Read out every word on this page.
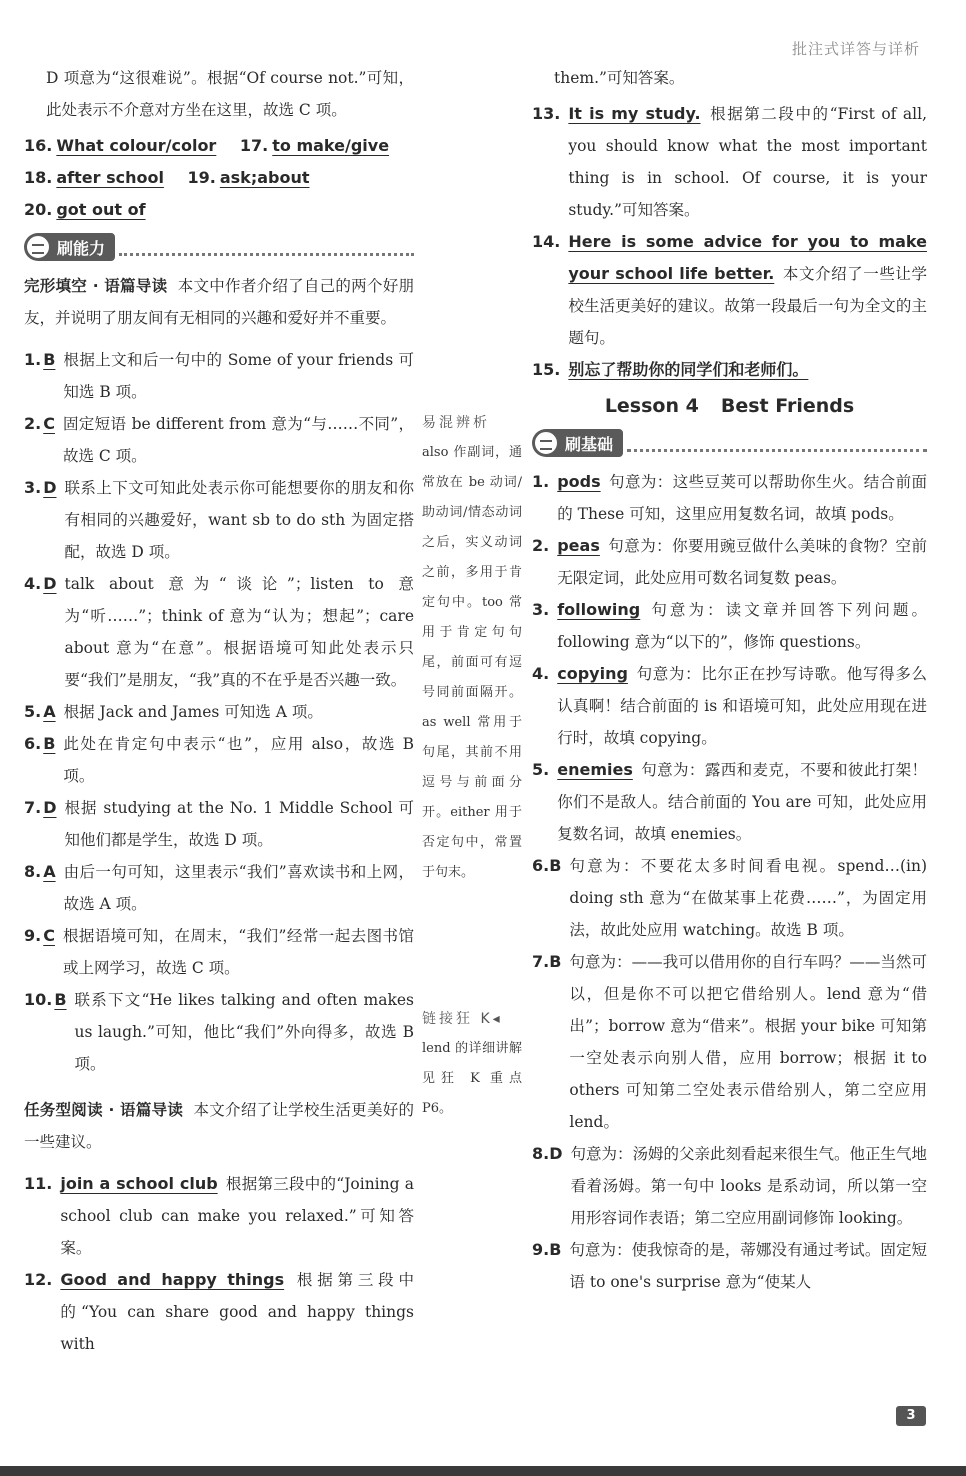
批注式详答与详析

D 项意为“这很难说”。根据“Of course not.”可知，此处表示不介意对方坐在这里，故选 C 项。

16. What colour/color 17. to make/give

18. after school 19. ask;about

20. got out of

刷能力

完形填空 · 语篇导读 本文中作者介绍了自己的两个好朋友，并说明了朋友间有无相同的兴趣和爱好并不重要。

1. B 根据上文和后一句中的 Some of your friends 可知选 B 项。
2. C 固定短语 be different from 意为“与……不同”，故选 C 项。
3. D 联系上下文可知此处表示你可能想要你的朋友和你有相同的兴趣爱好，want sb to do sth 为固定搭配，故选 D 项。
4. D talk about 意为“谈论”；listen to 意为“听……”；think of 意为“认为；想起”；care about 意为“在意”。根据语境可知此处表示只要“我们”是朋友，“我”真的不在乎是否兴趣一致。
5. A 根据 Jack and James 可知选 A 项。
6. B 此处在肯定句中表示“也”，应用 also，故选 B 项。
7. D 根据 studying at the No. 1 Middle School 可知他们都是学生，故选 D 项。
8. A 由后一句可知，这里表示“我们”喜欢读书和上网，故选 A 项。
9. C 根据语境可知，在周末，“我们”经常一起去图书馆或上网学习，故选 C 项。
10. B 联系下文“He likes talking and often makes us laugh.”可知，他比“我们”外向得多，故选 B 项。

任务型阅读 · 语篇导读 本文介绍了让学校生活更美好的一些建议。

11. join a school club 根据第三段中的“Joining a school club can make you relaxed.”可知答案。
12. Good and happy things 根据第三段中的“You can share good and happy things with

易混辨析

also 作副词，通常放在 be 动词/助动词/情态动词之后，实义动词之前，多用于肯定句中。too 常用于肯定句句尾，前面可有逗号同前面隔开。as well 常用于句尾，其前不用逗号与前面分开。either 用于否定句中，常置于句末。

链接狂 K◂

lend 的详细讲解见狂 K 重点 P6。

them.”可知答案。

13. It is my study. 根据第二段中的“First of all, you should know what the most important thing is in school. Of course, it is your study.”可知答案。
14. Here is some advice for you to make your school life better. 本文介绍了一些让学校生活更美好的建议。故第一段最后一句为全文的主题句。
15. 别忘了帮助你的同学们和老师们。

Lesson 4 Best Friends

刷基础
1. pods 句意为：这些豆荚可以帮助你生火。结合前面的 These 可知，这里应用复数名词，故填 pods。
2. peas 句意为：你要用豌豆做什么美味的食物？空前无限定词，此处应用可数名词复数 peas。
3. following 句意为：读文章并回答下列问题。following 意为“以下的”，修饰 questions。
4. copying 句意为：比尔正在抄写诗歌。他写得多么认真啊！结合前面的 is 和语境可知，此处应用现在进行时，故填 copying。
5. enemies 句意为：露西和麦克，不要和彼此打架！你们不是敌人。结合前面的 You are 可知，此处应用复数名词，故填 enemies。
6.B 句意为：不要花太多时间看电视。spend…(in) doing sth 意为“在做某事上花费……”，为固定用法，故此处应用 watching。故选 B 项。
7.B 句意为：——我可以借用你的自行车吗？——当然可以，但是你不可以把它借给别人。lend 意为“借出”；borrow 意为“借来”。根据 your bike 可知第一空处表示向别人借，应用 borrow；根据 it to others 可知第二空处表示借给别人，第二空应用 lend。
8.D 句意为：汤姆的父亲此刻看起来很生气。他正生气地看着汤姆。第一句中 looks 是系动词，所以第一空用形容词作表语；第二空应用副词修饰 looking。
9.B 句意为：使我惊奇的是，蒂娜没有通过考试。固定短语 to one's surprise 意为“使某人
3
